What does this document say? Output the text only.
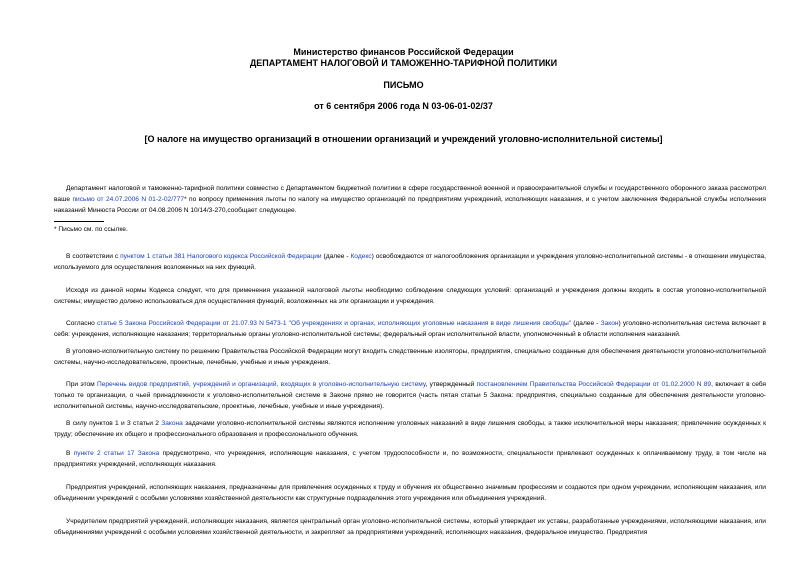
Министерство финансов Российской Федерации
ДЕПАРТАМЕНТ НАЛОГОВОЙ И ТАМОЖЕННО-ТАРИФНОЙ ПОЛИТИКИ
ПИСЬМО
от 6 сентября 2006 года N 03-06-01-02/37
[О налоге на имущество организаций в отношении организаций и учреждений уголовно-исполнительной системы]
Департамент налоговой и таможенно-тарифной политики совместно с Департаментом бюджетной политики в сфере государственной военной и правоохранительной службы и государственного оборонного заказа рассмотрел ваше письмо от 24.07.2006 N 01-2-02/777* по вопросу применения льготы по налогу на имущество организаций по предприятиям учреждений, исполняющих наказания, и с учетом заключения Федеральной службы исполнения наказаний Минюста России от 04.08.2006 N 10/14/3-270,сообщает следующее.
* Письмо см. по ссылке.
В соответствии с пунктом 1 статьи 381 Налогового кодекса Российской Федерации (далее - Кодекс) освобождаются от налогообложения организации и учреждения уголовно-исполнительной системы - в отношении имущества, используемого для осуществления возложенных на них функций.
Исходя из данной нормы Кодекса следует, что для применения указанной налоговой льготы необходимо соблюдение следующих условий: организаций и учреждения должны входить в состав уголовно-исполнительной системы; имущество должно использоваться для осуществления функций, возложенных на эти организации и учреждения.
Согласно статье 5 Закона Российской Федерации от 21.07.93 N 5473-1 "Об учреждениях и органах, исполняющих уголовные наказания в виде лишения свободы" (далее - Закон) уголовно-исполнительная система включает в себя: учреждения, исполняющие наказания; территориальные органы уголовно-исполнительной системы; федеральный орган исполнительной власти, уполномоченный в области исполнения наказаний.
В уголовно-исполнительную систему по решению Правительства Российской Федерации могут входить следственные изоляторы, предприятия, специально созданные для обеспечения деятельности уголовно-исполнительной системы, научно-исследовательские, проектные, лечебные, учебные и иные учреждения.
При этом Перечень видов предприятий, учреждений и организаций, входящих в уголовно-исполнительную систему, утвержденный постановлением Правительства Российской Федерации от 01.02.2000 N 89, включает в себя только те организации, о чьей принадлежности к уголовно-исполнительной системе в Законе прямо не говорится (часть пятая статьи 5 Закона: предприятия, специально созданные для обеспечения деятельности уголовно-исполнительной системы, научно-исследовательские, проектные, лечебные, учебные и иные учреждения).
В силу пунктов 1 и 3 статьи 2 Закона задачами уголовно-исполнительной системы являются исполнение уголовных наказаний в виде лишения свободы, а также исключительной меры наказания; привлечение осужденных к труду; обеспечение их общего и профессионального образования и профессионального обучения.
В пункте 2 статьи 17 Закона предусмотрено, что учреждения, исполняющие наказания, с учетом трудоспособности и, по возможности, специальности привлекают осужденных к оплачиваемому труду, в том числе на предприятиях учреждений, исполняющих наказания.
Предприятия учреждений, исполняющих наказания, предназначены для привлечения осужденных к труду и обучения их общественно значимым профессиям и создаются при одном учреждении, исполняющем наказания, или объединении учреждений с особыми условиями хозяйственной деятельности как структурные подразделения этого учреждения или объединения учреждений.
Учредителем предприятий учреждений, исполняющих наказания, является центральный орган уголовно-исполнительной системы, который утверждает их уставы, разработанные учреждениями, исполняющими наказания, или объединениями учреждений с особыми условиями хозяйственной деятельности, и закрепляет за предприятиями учреждений, исполняющих наказания, федеральное имущество. Предприятия
